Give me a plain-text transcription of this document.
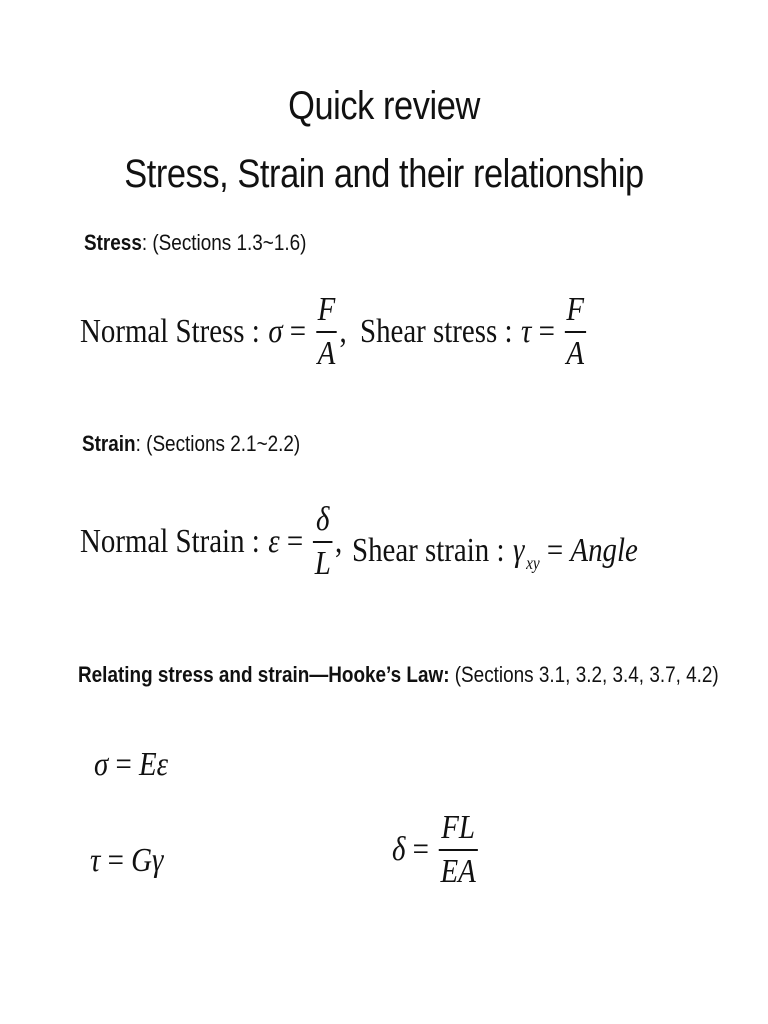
Quick review
Stress, Strain and their relationship
Stress: (Sections 1.3~1.6)
Normal Stress : $\sigma = \frac{F}{A}$ , Shear stress : $\tau = \frac{F}{A}$
Strain: (Sections 2.1~2.2)
Normal Strain : $\varepsilon = \frac{\delta}{L}$ , Shear strain : γ xy = Angle
Relating stress and strain—Hooke’s Law: (Sections 3.1, 3.2, 3.4, 3.7, 4.2)
σ = Eε
τ = Gγ	$\delta = \frac{FL}{EA}$
